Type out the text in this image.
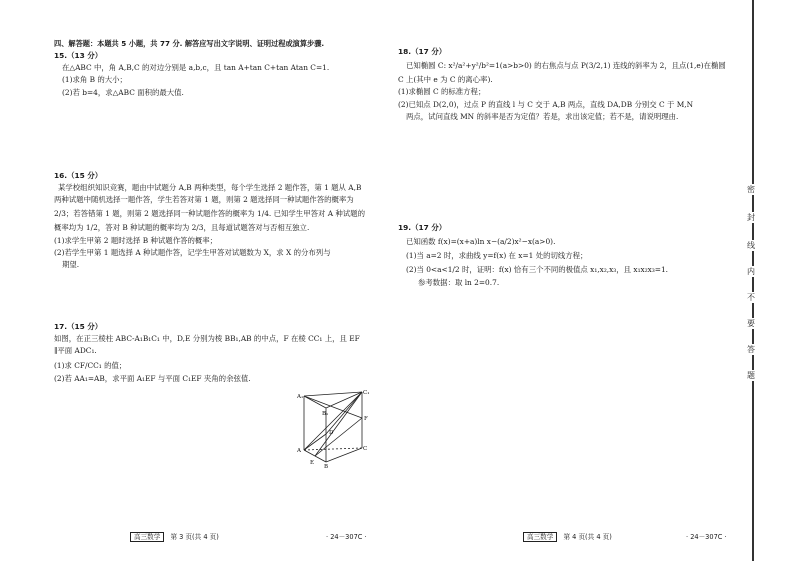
四、解答题：本题共 5 小题，共 77 分. 解答应写出文字说明、证明过程或演算步骤.
15.（13 分）
在△ABC 中，角 A,B,C 的对边分别是 a,b,c，且 tan A+tan C+tan Atan C=1.
(1)求角 B 的大小；
(2)若 b=4，求△ABC 面积的最大值.
16.（15 分）
某学校组织知识竞赛，题由中试题分 A,B 两种类型，每个学生选择 2 题作答，第 1 题从 A,B
两种试题中随机选择一题作答，学生若答对第 1 题，则第 2 题选择同一种试题作答的概率为
2/3；若答错第 1 题，则第 2 题选择同一种试题作答的概率为 1/4. 已知学生甲答对 A 种试题的
概率均为 1/2，答对 B 种试题的概率均为 2/3，且每道试题答对与否相互独立.
(1)求学生甲第 2 题时选择 B 种试题作答的概率；
(2)若学生甲第 1 题选择 A 种试题作答，记学生甲答对试题数为 X，求 X 的分布列与
期望.
17.（15 分）
如图，在正三棱柱 ABC-A₁B₁C₁ 中，D,E 分别为棱 BB₁,AB 的中点，F 在棱 CC₁ 上，且 EF
∥平面 ADC₁.
(1)求 CF/CC₁ 的值；
(2)若 AA₁=AB，求平面 A₁EF 与平面 C₁EF 夹角的余弦值.
A₁
C₁
B₁
F
D
A	C
E
B
18.（17 分）
已知椭圆 C: x²/a²+y²/b²=1(a>b>0) 的右焦点与点 P(3/2,1) 连线的斜率为 2，且点(1,e)在椭圆
C 上(其中 e 为 C 的离心率).
(1)求椭圆 C 的标准方程；
(2)已知点 D(2,0)，过点 P 的直线 l 与 C 交于 A,B 两点，直线 DA,DB 分别交 C 于 M,N
两点，试问直线 MN 的斜率是否为定值？若是，求出该定值；若不是，请说明理由.
19.（17 分）
已知函数 f(x)=(x+a)ln x−(a/2)x²−x(a>0).
(1)当 a=2 时，求曲线 y=f(x) 在 x=1 处的切线方程；
(2)当 0<a<1/2 时，证明：f(x) 恰有三个不同的极值点 x₁,x₂,x₃，且 x₁x₂x₃=1.
参考数据：取 ln 2=0.7.
高三数学 第 3 页(共 4 页)	· 24－307C ·	高三数学 第 4 页(共 4 页)	· 24－307C ·
密
封
线
内
不
要
答
题
